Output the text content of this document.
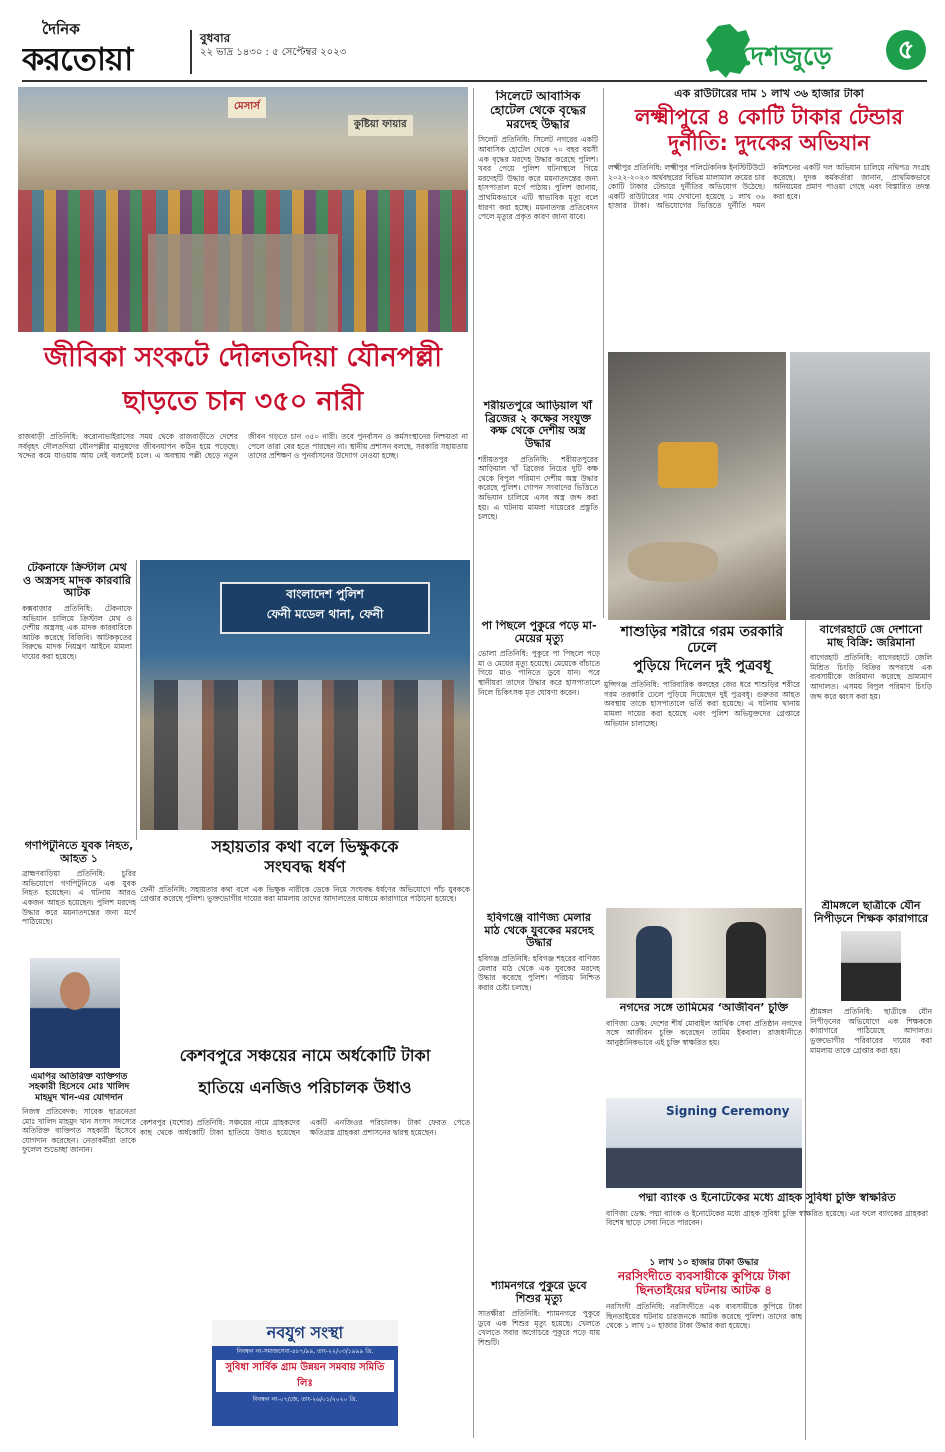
দৈনিক
করতোয়া
বুধবার
২২ ভাদ্র ১৪৩০ : ৫ সেপ্টেম্বর ২০২৩	দেশজুড়ে	৫
মেসার্স
কুষ্টিয়া ফায়ার
জীবিকা সংকটে দৌলতদিয়া যৌনপল্লী
ছাড়তে চান ৩৫০ নারী
রাজবাড়ী প্রতিনিধি: করোনাভাইরাসের সময় থেকে রাজবাড়ীতে দেশের সর্ববৃহৎ দৌলতদিয়া যৌনপল্লীর মানুষদের জীবনযাপন কঠিন হয়ে পড়েছে। খদ্দের কমে যাওয়ায় আয় নেই বললেই চলে। এ অবস্থায় পল্লী ছেড়ে নতুন জীবন গড়তে চান ৩৫০ নারী। তবে পুনর্বাসন ও কর্মসংস্থানের নিশ্চয়তা না পেলে তারা বের হতে পারছেন না। স্থানীয় প্রশাসন বলছে, সরকারি সহায়তায় তাদের প্রশিক্ষণ ও পুনর্বাসনের উদ্যোগ নেওয়া হচ্ছে।
সিলেটে আবাসিক হোটেল থেকে বৃদ্ধের মরদেহ উদ্ধার
সিলেট প্রতিনিধি: সিলেট নগরের একটি আবাসিক হোটেল থেকে ৭০ বছর বয়সী এক বৃদ্ধের মরদেহ উদ্ধার করেছে পুলিশ। খবর পেয়ে পুলিশ ঘটনাস্থলে গিয়ে মরদেহটি উদ্ধার করে ময়নাতদন্তের জন্য হাসপাতাল মর্গে পাঠায়। পুলিশ জানায়, প্রাথমিকভাবে এটি স্বাভাবিক মৃত্যু বলে ধারণা করা হচ্ছে। ময়নাতদন্ত প্রতিবেদন পেলে মৃত্যুর প্রকৃত কারণ জানা যাবে।
শরীয়তপুরে আড়িয়াল খাঁ ব্রিজের ২ কক্ষের সংযুক্ত কক্ষ থেকে দেশীয় অস্ত্র উদ্ধার
শরীয়তপুর প্রতিনিধি: শরীয়তপুরের আড়িয়াল খাঁ ব্রিজের নিচের দুটি কক্ষ থেকে বিপুল পরিমাণ দেশীয় অস্ত্র উদ্ধার করেছে পুলিশ। গোপন সংবাদের ভিত্তিতে অভিযান চালিয়ে এসব অস্ত্র জব্দ করা হয়। এ ঘটনায় মামলা দায়েরের প্রস্তুতি চলছে।
এক রাউটারের দাম ১ লাখ ৩৬ হাজার টাকা
লক্ষ্মীপুরে ৪ কোটি টাকার টেন্ডার
দুর্নীতি: দুদকের অভিযান
লক্ষ্মীপুর প্রতিনিধি: লক্ষ্মীপুর পলিটেকনিক ইনস্টিটিউটে ২০২২-২০২৩ অর্থবছরের বিভিন্ন মালামাল ক্রয়ের চার কোটি টাকার টেন্ডারে দুর্নীতির অভিযোগ উঠেছে। একটি রাউটারের দাম দেখানো হয়েছে ১ লাখ ৩৬ হাজার টাকা। অভিযোগের ভিত্তিতে দুর্নীতি দমন কমিশনের একটি দল অভিযান চালিয়ে নথিপত্র সংগ্রহ করেছে। দুদক কর্মকর্তারা জানান, প্রাথমিকভাবে অনিয়মের প্রমাণ পাওয়া গেছে এবং বিস্তারিত তদন্ত করা হবে।
শাশুড়ির শরীরে গরম তরকারি ঢেলে
পুড়িয়ে দিলেন দুই পুত্রবধূ
মুন্সিগঞ্জ প্রতিনিধি: পারিবারিক কলহের জের ধরে শাশুড়ির শরীরে গরম তরকারি ঢেলে পুড়িয়ে দিয়েছেন দুই পুত্রবধূ। গুরুতর আহত অবস্থায় তাকে হাসপাতালে ভর্তি করা হয়েছে। এ ঘটনায় থানায় মামলা দায়ের করা হয়েছে এবং পুলিশ অভিযুক্তদের গ্রেপ্তারে অভিযান চালাচ্ছে।
বাগেরহাটে জে দেশানো মাছ বিক্রি: জরিমানা
বাগেরহাট প্রতিনিধি: বাগেরহাটে জেলি মিশ্রিত চিংড়ি বিক্রির অপরাধে এক ব্যবসায়ীকে জরিমানা করেছে ভ্রাম্যমাণ আদালত। এসময় বিপুল পরিমাণ চিংড়ি জব্দ করে ধ্বংস করা হয়।
টেকনাফে ক্রিস্টাল মেথ ও অস্ত্রসহ মাদক কারবারি আটক
কক্সবাজার প্রতিনিধি: টেকনাফে অভিযান চালিয়ে ক্রিস্টাল মেথ ও দেশীয় অস্ত্রসহ এক মাদক কারবারিকে আটক করেছে বিজিবি। আটককৃতের বিরুদ্ধে মাদক নিয়ন্ত্রণ আইনে মামলা দায়ের করা হয়েছে।
বাংলাদেশ পুলিশ
ফেনী মডেল থানা, ফেনী
গণপিটুনিতে যুবক নিহত, আহত ১
ব্রাহ্মণবাড়িয়া প্রতিনিধি: চুরির অভিযোগে গণপিটুনিতে এক যুবক নিহত হয়েছেন। এ ঘটনায় আরও একজন আহত হয়েছেন। পুলিশ মরদেহ উদ্ধার করে ময়নাতদন্তের জন্য মর্গে পাঠিয়েছে।
সহায়তার কথা বলে ভিক্ষুককে
সংঘবদ্ধ ধর্ষণ
ফেনী প্রতিনিধি: সহায়তার কথা বলে এক ভিক্ষুক নারীকে ডেকে নিয়ে সংঘবদ্ধ ধর্ষণের অভিযোগে পাঁচ যুবককে গ্রেপ্তার করেছে পুলিশ। ভুক্তভোগীর দায়ের করা মামলায় তাদের আদালতের মাধ্যমে কারাগারে পাঠানো হয়েছে।
এমপির অতিরিক্ত ব্যক্তিগত সহকারী হিসেবে মোঃ খালিদ মাহমুদ খান-এর যোগদান
নিজস্ব প্রতিবেদক: সাবেক ছাত্রনেতা মোঃ খালিদ মাহমুদ খান সংসদ সদস্যের অতিরিক্ত ব্যক্তিগত সহকারী হিসেবে যোগদান করেছেন। নেতাকর্মীরা তাকে ফুলেল শুভেচ্ছা জানান।
কেশবপুরে সঞ্চয়ের নামে অর্ধকোটি টাকা
হাতিয়ে এনজিও পরিচালক উধাও
কেশবপুর (যশোর) প্রতিনিধি: সঞ্চয়ের নামে গ্রাহকদের কাছ থেকে অর্ধকোটি টাকা হাতিয়ে উধাও হয়েছেন একটি এনজিওর পরিচালক। টাকা ফেরত পেতে ক্ষতিগ্রস্ত গ্রাহকরা প্রশাসনের দ্বারস্থ হয়েছেন।
নবযুগ সংস্থা
নিবন্ধন নং-সমাজসেবা-৪৮৭/৯৯, তাং-২২/০৩/১৯৯৯ খ্রি.
সুবিধা সার্বিক গ্রাম উন্নয়ন সমবায় সমিতি লিঃ
নিবন্ধন নং-০৭/জে, তাং-২৬/০১/২০২০ খ্রি.
পা পিছলে পুকুরে পড়ে মা-মেয়ের মৃত্যু
ভোলা প্রতিনিধি: পুকুরে পা পিছলে পড়ে মা ও মেয়ের মৃত্যু হয়েছে। মেয়েকে বাঁচাতে গিয়ে মাও পানিতে ডুবে যান। পরে স্থানীয়রা তাদের উদ্ধার করে হাসপাতালে নিলে চিকিৎসক মৃত ঘোষণা করেন।
হবিগঞ্জে বাণিজ্য মেলার মাঠ থেকে যুবকের মরদেহ উদ্ধার
হবিগঞ্জ প্রতিনিধি: হবিগঞ্জ শহরের বাণিজ্য মেলার মাঠ থেকে এক যুবকের মরদেহ উদ্ধার করেছে পুলিশ। পরিচয় নিশ্চিত করার চেষ্টা চলছে।
শ্যামনগরে পুকুরে ডুবে শিশুর মৃত্যু
সাতক্ষীরা প্রতিনিধি: শ্যামনগরে পুকুরে ডুবে এক শিশুর মৃত্যু হয়েছে। খেলতে খেলতে সবার অগোচরে পুকুরে পড়ে যায় শিশুটি।
নগদের সঙ্গে তামিমের ‘আজীবন’ চুক্তি
বাণিজ্য ডেস্ক: দেশের শীর্ষ মোবাইল আর্থিক সেবা প্রতিষ্ঠান নগদের সঙ্গে আজীবন চুক্তি করেছেন তামিম ইকবাল। রাজধানীতে আনুষ্ঠানিকভাবে এই চুক্তি স্বাক্ষরিত হয়।
Signing Ceremony
পদ্মা ব্যাংক ও ইনোটেকের মধ্যে গ্রাহক সুবিধা চুক্তি স্বাক্ষরিত
বাণিজ্য ডেস্ক: পদ্মা ব্যাংক ও ইনোটেকের মধ্যে গ্রাহক সুবিধা চুক্তি স্বাক্ষরিত হয়েছে। এর ফলে ব্যাংকের গ্রাহকরা বিশেষ ছাড়ে সেবা নিতে পারবেন।
১ লাখ ১০ হাজার টাকা উদ্ধার
নরসিংদীতে ব্যবসায়ীকে কুপিয়ে টাকা
ছিনতাইয়ের ঘটনায় আটক ৪
নরসিংদী প্রতিনিধি: নরসিংদীতে এক ব্যবসায়ীকে কুপিয়ে টাকা ছিনতাইয়ের ঘটনায় চারজনকে আটক করেছে পুলিশ। তাদের কাছ থেকে ১ লাখ ১০ হাজার টাকা উদ্ধার করা হয়েছে।
শ্রীমঙ্গলে ছাত্রীকে যৌন নিপীড়নে শিক্ষক কারাগারে
শ্রীমঙ্গল প্রতিনিধি: ছাত্রীকে যৌন নিপীড়নের অভিযোগে এক শিক্ষককে কারাগারে পাঠিয়েছে আদালত। ভুক্তভোগীর পরিবারের দায়ের করা মামলায় তাকে গ্রেপ্তার করা হয়।
